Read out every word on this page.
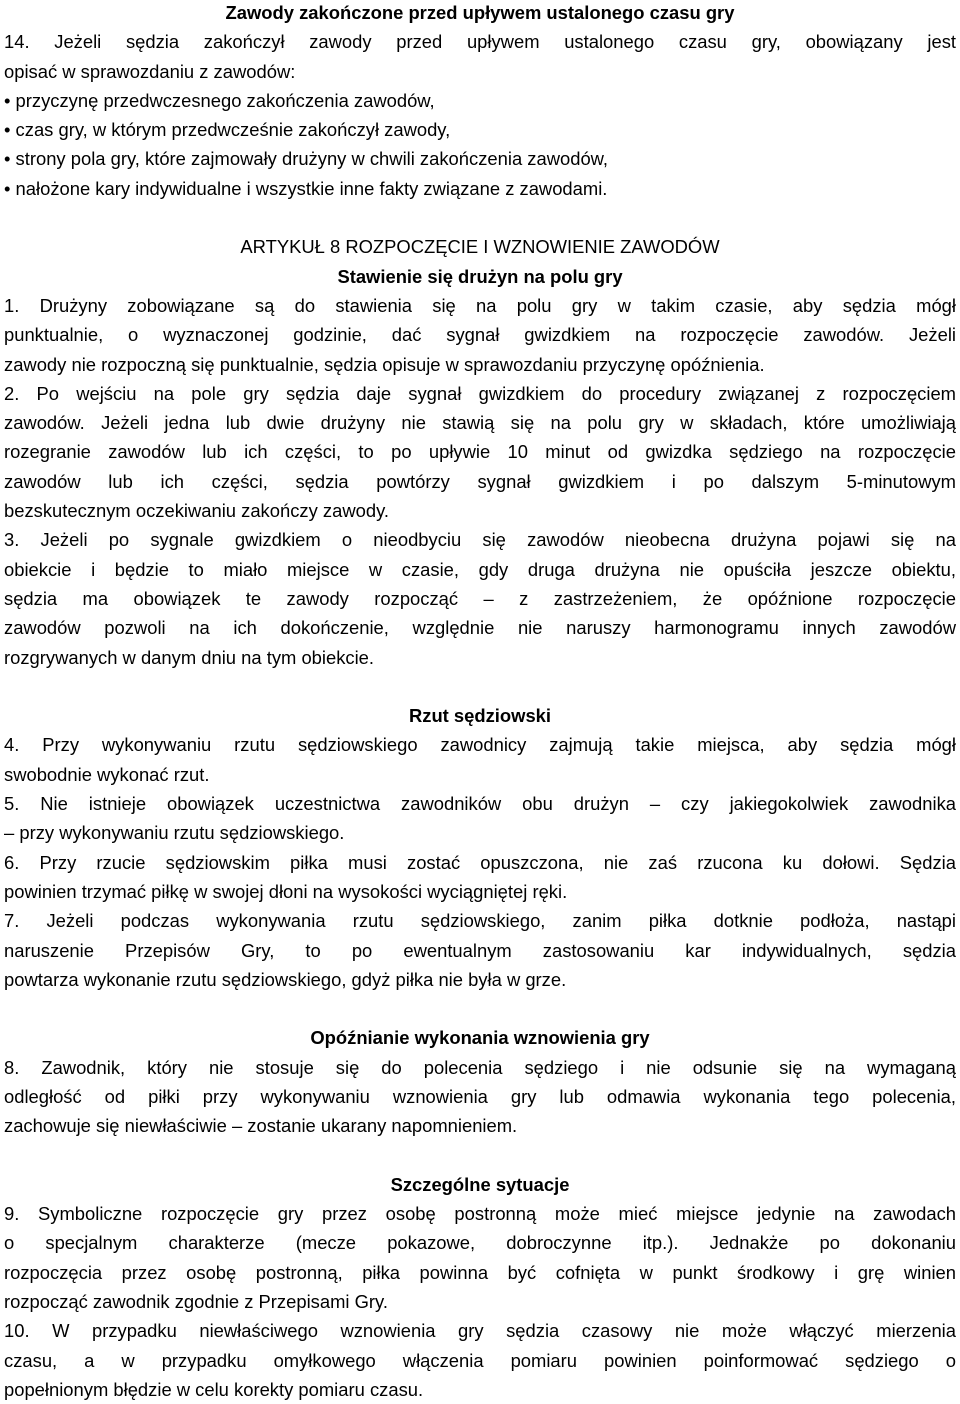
Zawody zakończone przed upływem ustalonego czasu gry
14. Jeżeli sędzia zakończył zawody przed upływem ustalonego czasu gry, obowiązany jest
opisać w sprawozdaniu z zawodów:
• przyczynę przedwczesnego zakończenia zawodów,
• czas gry, w którym przedwcześnie zakończył zawody,
• strony pola gry, które zajmowały drużyny w chwili zakończenia zawodów,
• nałożone kary indywidualne i wszystkie inne fakty związane z zawodami.
ARTYKUŁ 8 ROZPOCZĘCIE I WZNOWIENIE ZAWODÓW
Stawienie się drużyn na polu gry
1. Drużyny zobowiązane są do stawienia się na polu gry w takim czasie, aby sędzia mógł
punktualnie, o wyznaczonej godzinie, dać sygnał gwizdkiem na rozpoczęcie zawodów. Jeżeli
zawody nie rozpoczną się punktualnie, sędzia opisuje w sprawozdaniu przyczynę opóźnienia.
2. Po wejściu na pole gry sędzia daje sygnał gwizdkiem do procedury związanej z rozpoczęciem
zawodów. Jeżeli jedna lub dwie drużyny nie stawią się na polu gry w składach, które umożliwiają
rozegranie zawodów lub ich części, to po upływie 10 minut od gwizdka sędziego na rozpoczęcie
zawodów lub ich części, sędzia powtórzy sygnał gwizdkiem i po dalszym 5-minutowym
bezskutecznym oczekiwaniu zakończy zawody.
3. Jeżeli po sygnale gwizdkiem o nieodbyciu się zawodów nieobecna drużyna pojawi się na
obiekcie i będzie to miało miejsce w czasie, gdy druga drużyna nie opuściła jeszcze obiektu,
sędzia ma obowiązek te zawody rozpocząć – z zastrzeżeniem, że opóźnione rozpoczęcie
zawodów pozwoli na ich dokończenie, względnie nie naruszy harmonogramu innych zawodów
rozgrywanych w danym dniu na tym obiekcie.
Rzut sędziowski
4. Przy wykonywaniu rzutu sędziowskiego zawodnicy zajmują takie miejsca, aby sędzia mógł
swobodnie wykonać rzut.
5. Nie istnieje obowiązek uczestnictwa zawodników obu drużyn – czy jakiegokolwiek zawodnika
– przy wykonywaniu rzutu sędziowskiego.
6. Przy rzucie sędziowskim piłka musi zostać opuszczona, nie zaś rzucona ku dołowi. Sędzia
powinien trzymać piłkę w swojej dłoni na wysokości wyciągniętej ręki.
7. Jeżeli podczas wykonywania rzutu sędziowskiego, zanim piłka dotknie podłoża, nastąpi
naruszenie Przepisów Gry, to po ewentualnym zastosowaniu kar indywidualnych, sędzia
powtarza wykonanie rzutu sędziowskiego, gdyż piłka nie była w grze.
Opóźnianie wykonania wznowienia gry
8. Zawodnik, który nie stosuje się do polecenia sędziego i nie odsunie się na wymaganą
odległość od piłki przy wykonywaniu wznowienia gry lub odmawia wykonania tego polecenia,
zachowuje się niewłaściwie – zostanie ukarany napomnieniem.
Szczególne sytuacje
9. Symboliczne rozpoczęcie gry przez osobę postronną może mieć miejsce jedynie na zawodach
o specjalnym charakterze (mecze pokazowe, dobroczynne itp.). Jednakże po dokonaniu
rozpoczęcia przez osobę postronną, piłka powinna być cofnięta w punkt środkowy i grę winien
rozpocząć zawodnik zgodnie z Przepisami Gry.
10. W przypadku niewłaściwego wznowienia gry sędzia czasowy nie może włączyć mierzenia
czasu, a w przypadku omyłkowego włączenia pomiaru powinien poinformować sędziego o
popełnionym błędzie w celu korekty pomiaru czasu.
